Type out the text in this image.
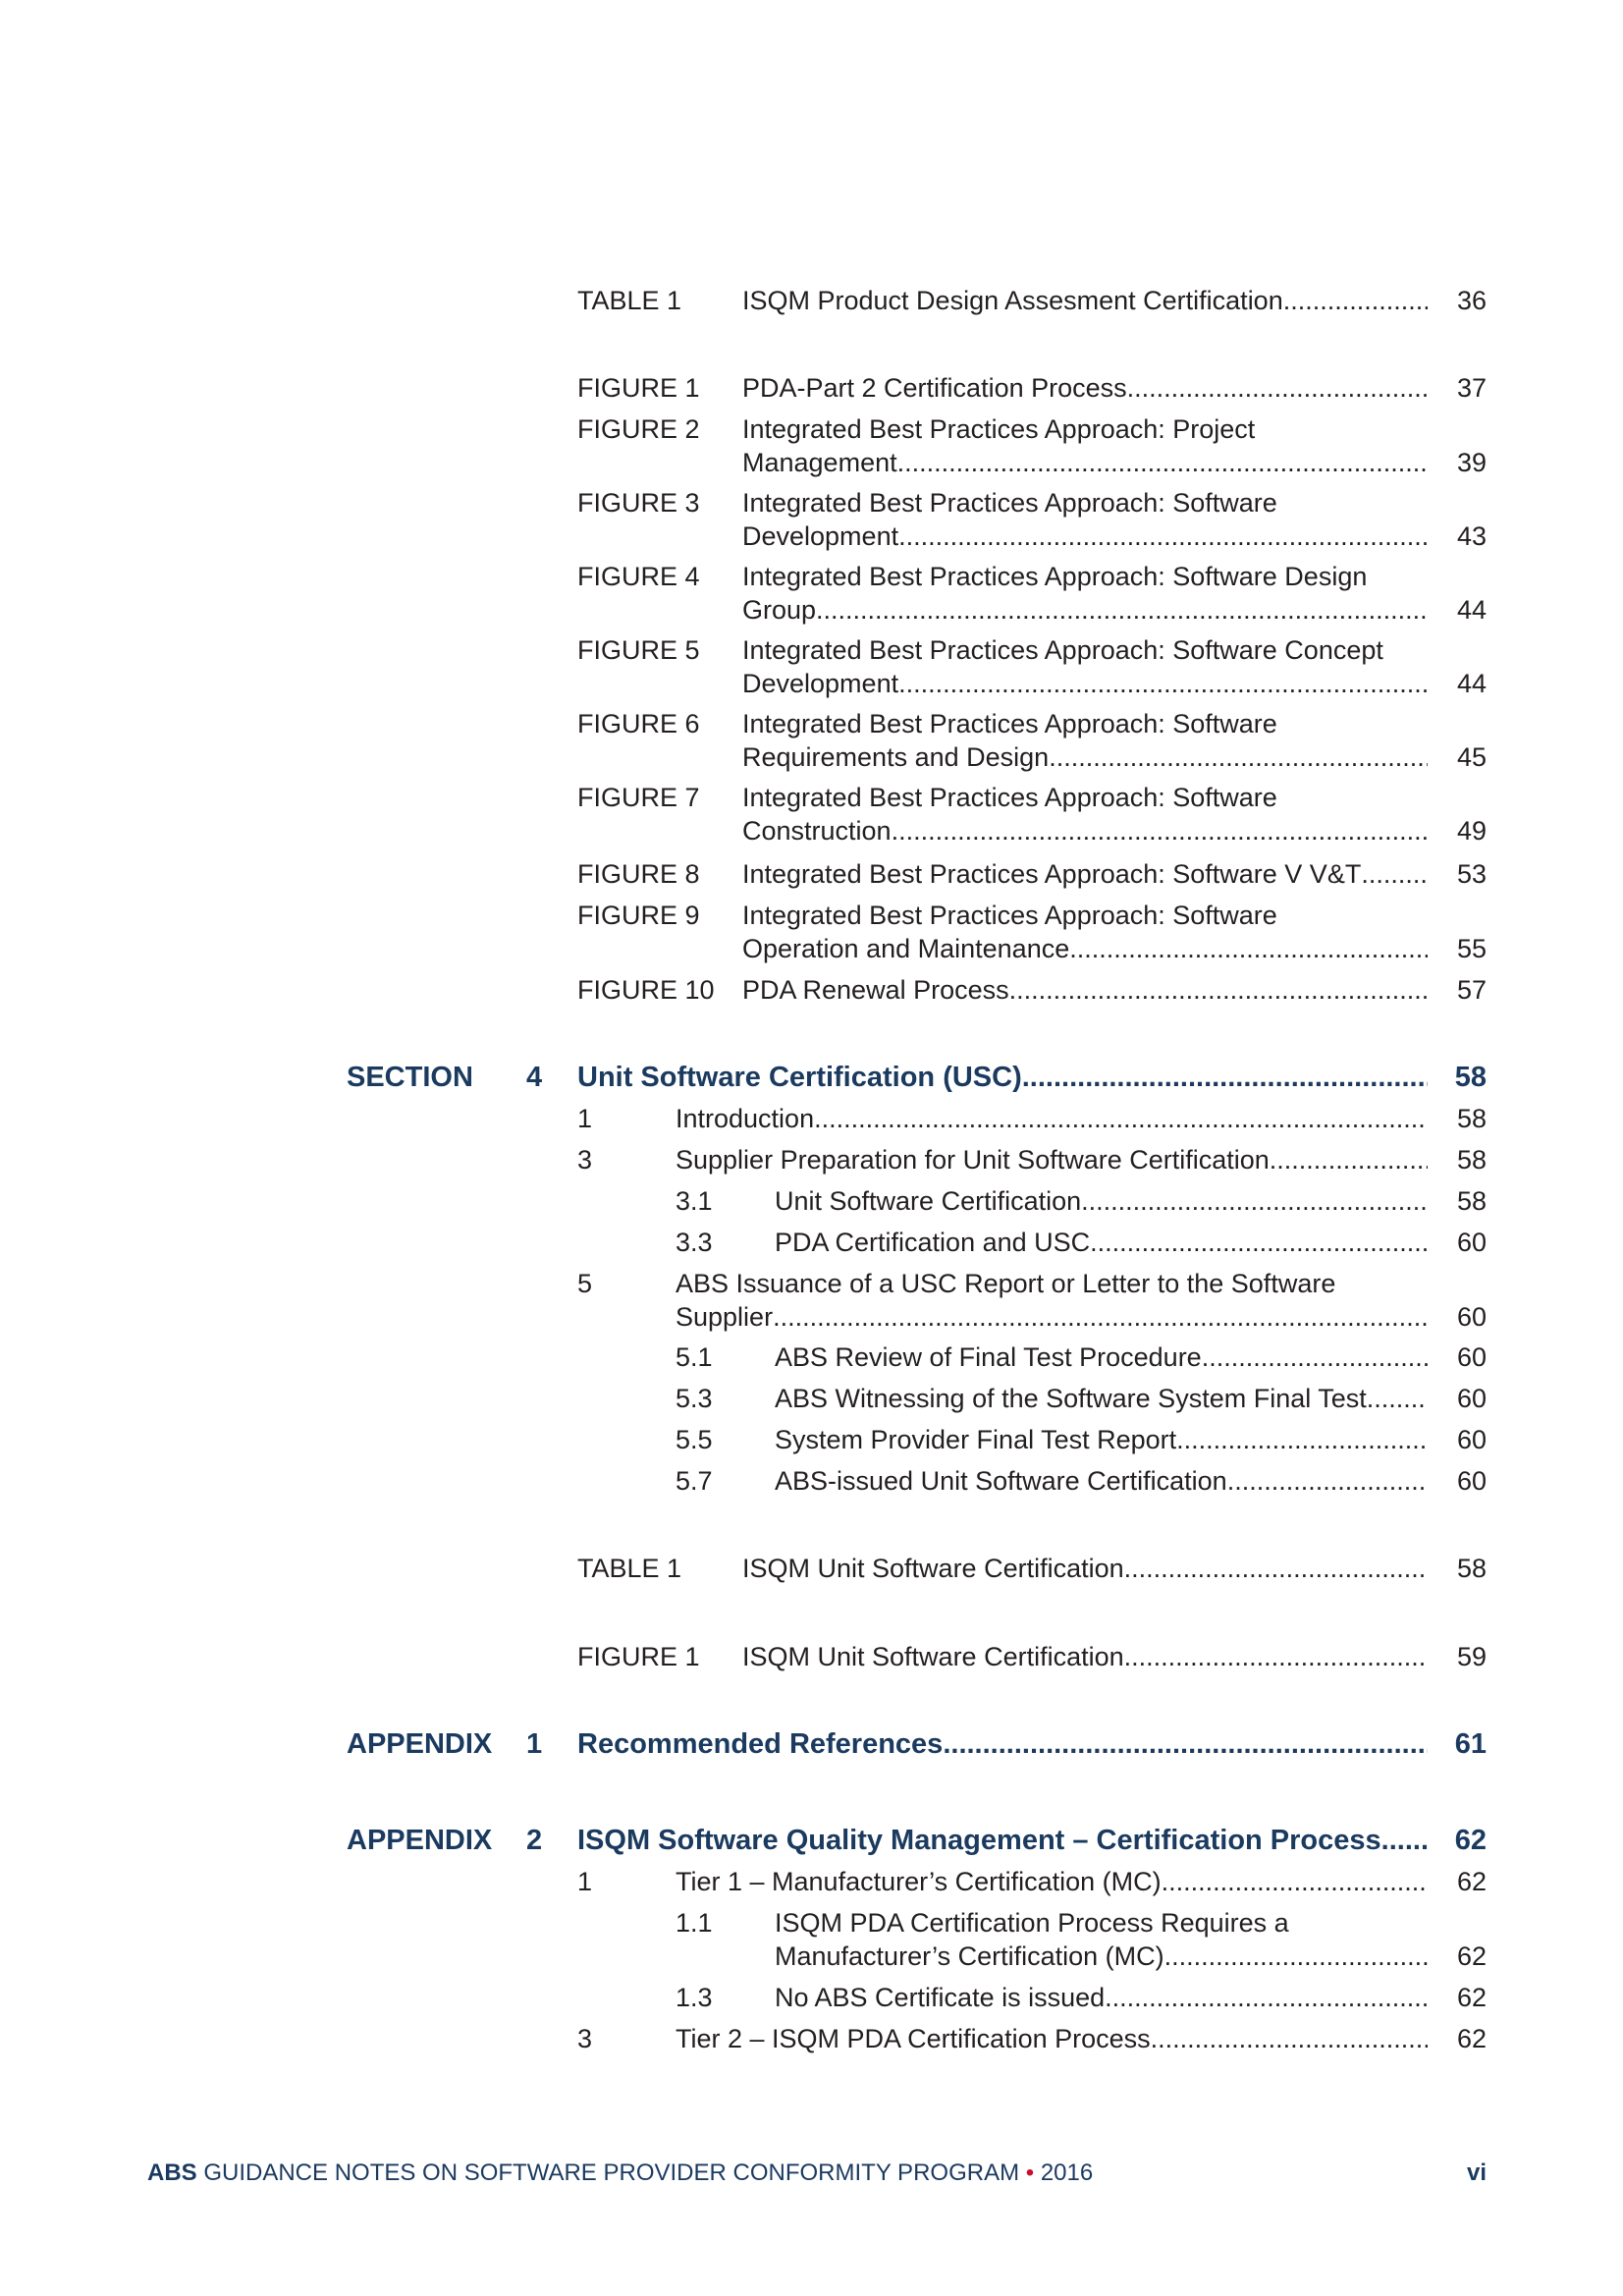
TABLE 1 ISQM Product Design Assesment Certification .....	36
FIGURE 1 PDA-Part 2 Certification Process .....	37
FIGURE 2 Integrated Best Practices Approach: Project
Management .....	39
FIGURE 3 Integrated Best Practices Approach: Software
Development .....	43
FIGURE 4 Integrated Best Practices Approach: Software Design
Group .....	44
FIGURE 5 Integrated Best Practices Approach: Software Concept
Development .....	44
FIGURE 6 Integrated Best Practices Approach: Software
Requirements and Design .....	45
FIGURE 7 Integrated Best Practices Approach: Software
Construction .....	49
FIGURE 8 Integrated Best Practices Approach: Software V V&T .....	53
FIGURE 9 Integrated Best Practices Approach: Software
Operation and Maintenance .....	55
FIGURE 10 PDA Renewal Process .....	57
SECTION 4 Unit Software Certification (USC) .....	58
1	Introduction .....	58
3	Supplier Preparation for Unit Software Certification .....	58
3.1 Unit Software Certification .....	58
3.3 PDA Certification and USC .....	60
5	ABS Issuance of a USC Report or Letter to the Software
Supplier .....	60
5.1 ABS Review of Final Test Procedure .....	60
5.3 ABS Witnessing of the Software System Final Test .....	60
5.5 System Provider Final Test Report .....	60
5.7 ABS-issued Unit Software Certification .....	60
TABLE 1 ISQM Unit Software Certification .....	58
FIGURE 1 ISQM Unit Software Certification .....	59
APPENDIX 1 Recommended References .....	61
APPENDIX 2 ISQM Software Quality Management – Certification Process .....	62
1	Tier 1 – Manufacturer’s Certification (MC) .....	62
1.1 ISQM PDA Certification Process Requires a
Manufacturer’s Certification (MC) .....	62
1.3 No ABS Certificate is issued .....	62
3	Tier 2 – ISQM PDA Certification Process .....	62
ABS GUIDANCE NOTES ON SOFTWARE PROVIDER CONFORMITY PROGRAM • 2016	vi
